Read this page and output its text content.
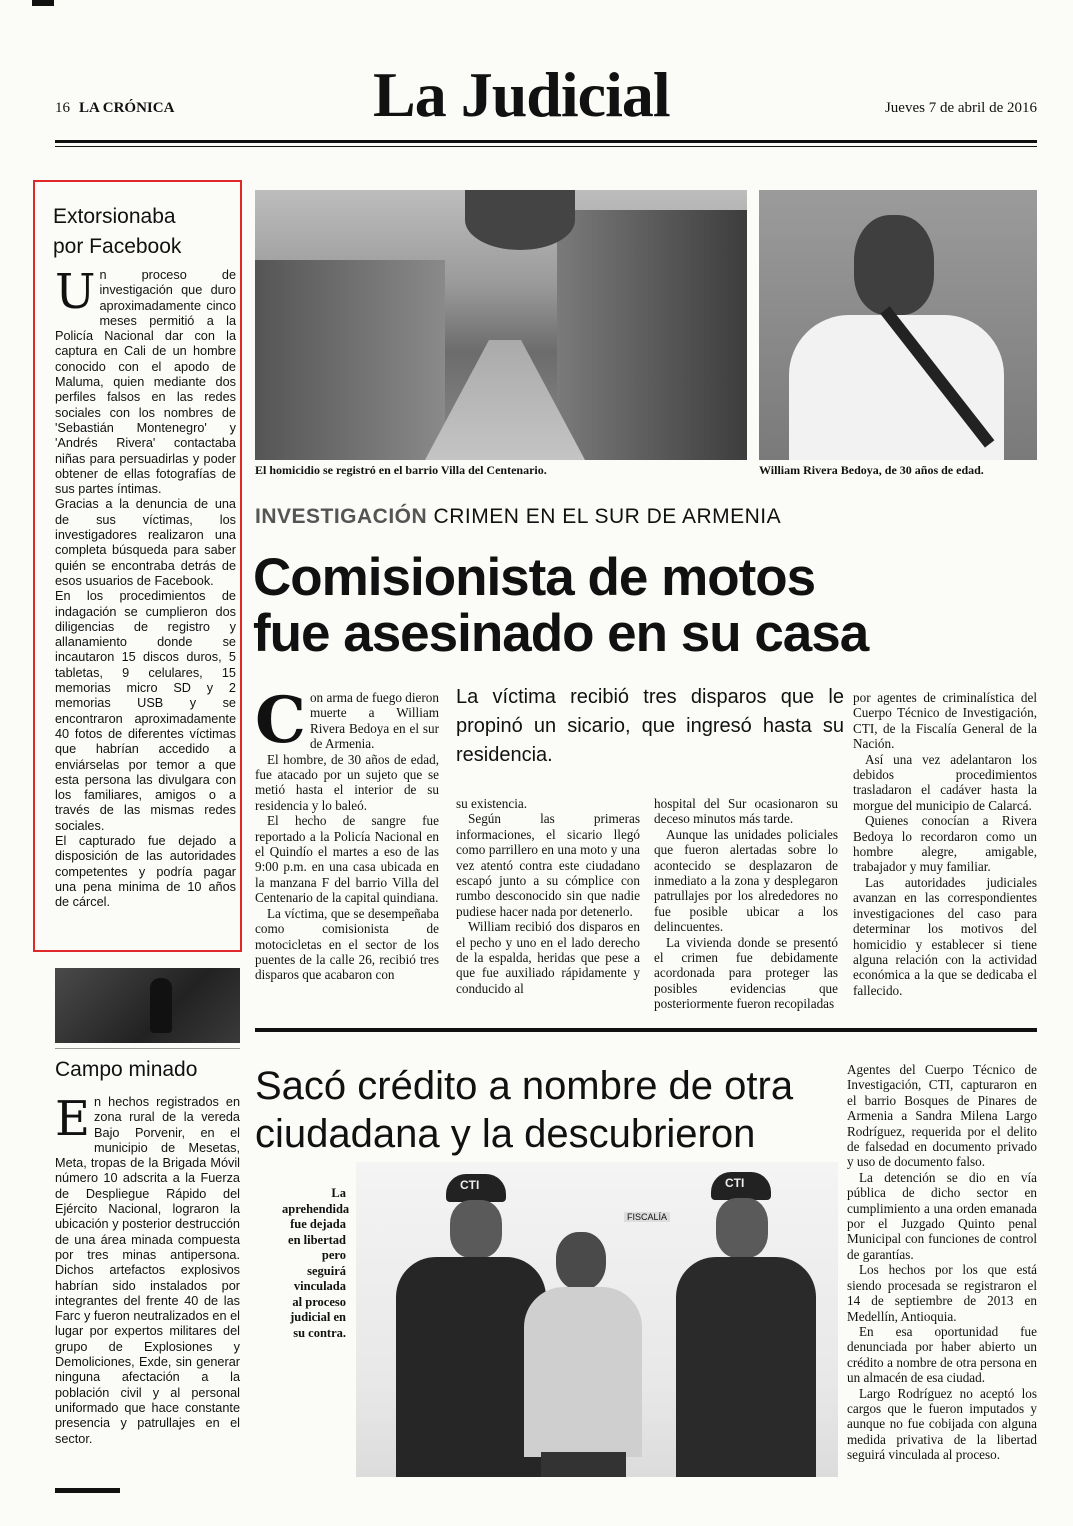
16 LA CRÓNICA	La Judicial	Jueves 7 de abril de 2016
Extorsionaba
por Facebook

Un proceso de investigación que duro aproximadamente cinco meses permitió a la Policía Nacional dar con la captura en Cali de un hombre conocido con el apodo de Maluma, quien mediante dos perfiles falsos en las redes sociales con los nombres de 'Sebastián Montenegro' y 'Andrés Rivera' contactaba niñas para persuadirlas y poder obtener de ellas fotografías de sus partes íntimas.

Gracias a la denuncia de una de sus víctimas, los investigadores realizaron una completa búsqueda para saber quién se encontraba detrás de esos usuarios de Facebook.

En los procedimientos de indagación se cumplieron dos diligencias de registro y allanamiento donde se incautaron 15 discos duros, 5 tabletas, 9 celulares, 15 memorias micro SD y 2 memorias USB y se encontraron aproximadamente 40 fotos de diferentes víctimas que habrían accedido a enviárselas por temor a que esta persona las divulgara con los familiares, amigos o a través de las mismas redes sociales.

El capturado fue dejado a disposición de las autoridades competentes y podría pagar una pena minima de 10 años de cárcel.

El homicidio se registró en el barrio Villa del Centenario.	William Rivera Bedoya, de 30 años de edad.
INVESTIGACIÓN CRIMEN EN EL SUR DE ARMENIA
Comisionista de motos
fue asesinado en su casa
La víctima recibió tres disparos que le propinó un sicario, que ingresó hasta su residencia.

Con arma de fuego dieron muerte a William Rivera Bedoya en el sur de Armenia.

El hombre, de 30 años de edad, fue atacado por un sujeto que se metió hasta el interior de su residencia y lo baleó.

El hecho de sangre fue reportado a la Policía Nacional en el Quindío el martes a eso de las 9:00 p.m. en una casa ubicada en la manzana F del barrio Villa del Centenario de la capital quindiana.

La víctima, que se desempeñaba como comisionista de motocicletas en el sector de los puentes de la calle 26, recibió tres disparos que acabaron con

su existencia.

Según las primeras informaciones, el sicario llegó como parrillero en una moto y una vez atentó contra este ciudadano escapó junto a su cómplice con rumbo desconocido sin que nadie pudiese hacer nada por detenerlo.

William recibió dos disparos en el pecho y uno en el lado derecho de la espalda, heridas que pese a que fue auxiliado rápidamente y conducido al

hospital del Sur ocasionaron su deceso minutos más tarde.

Aunque las unidades policiales que fueron alertadas sobre lo acontecido se desplazaron de inmediato a la zona y desplegaron patrullajes por los alrededores no fue posible ubicar a los delincuentes.

La vivienda donde se presentó el crimen fue debidamente acordonada para proteger las posibles evidencias que posteriormente fueron recopiladas

por agentes de criminalística del Cuerpo Técnico de Investigación, CTI, de la Fiscalía General de la Nación.

Así una vez adelantaron los debidos procedimientos trasladaron el cadáver hasta la morgue del municipio de Calarcá.

Quienes conocían a Rivera Bedoya lo recordaron como un hombre alegre, amigable, trabajador y muy familiar.

Las autoridades judiciales avanzan en las correspondientes investigaciones del caso para determinar los motivos del homicidio y establecer si tiene alguna relación con la actividad económica a la que se dedicaba el fallecido.

Campo minado

En hechos registrados en zona rural de la vereda Bajo Porvenir, en el municipio de Mesetas, Meta, tropas de la Brigada Móvil número 10 adscrita a la Fuerza de Despliegue Rápido del Ejército Nacional, lograron la ubicación y posterior destrucción de una área minada compuesta por tres minas antipersona. Dichos artefactos explosivos habrían sido instalados por integrantes del frente 40 de las Farc y fueron neutralizados en el lugar por expertos militares del grupo de Explosiones y Demoliciones, Exde, sin generar ninguna afectación a la población civil y al personal uniformado que hace constante presencia y patrullajes en el sector.

Sacó crédito a nombre de otra
ciudadana y la descubrieron
La aprehendida fue dejada en libertad pero seguirá vinculada al proceso judicial en su contra.
FISCALÍA
CTI	CTI

Agentes del Cuerpo Técnico de Investigación, CTI, capturaron en el barrio Bosques de Pinares de Armenia a Sandra Milena Largo Rodríguez, requerida por el delito de falsedad en documento privado y uso de documento falso.

La detención se dio en vía pública de dicho sector en cumplimiento a una orden emanada por el Juzgado Quinto penal Municipal con funciones de control de garantías.

Los hechos por los que está siendo procesada se registraron el 14 de septiembre de 2013 en Medellín, Antioquia.

En esa oportunidad fue denunciada por haber abierto un crédito a nombre de otra persona en un almacén de esa ciudad.

Largo Rodríguez no aceptó los cargos que le fueron imputados y aunque no fue cobijada con alguna medida privativa de la libertad seguirá vinculada al proceso.
